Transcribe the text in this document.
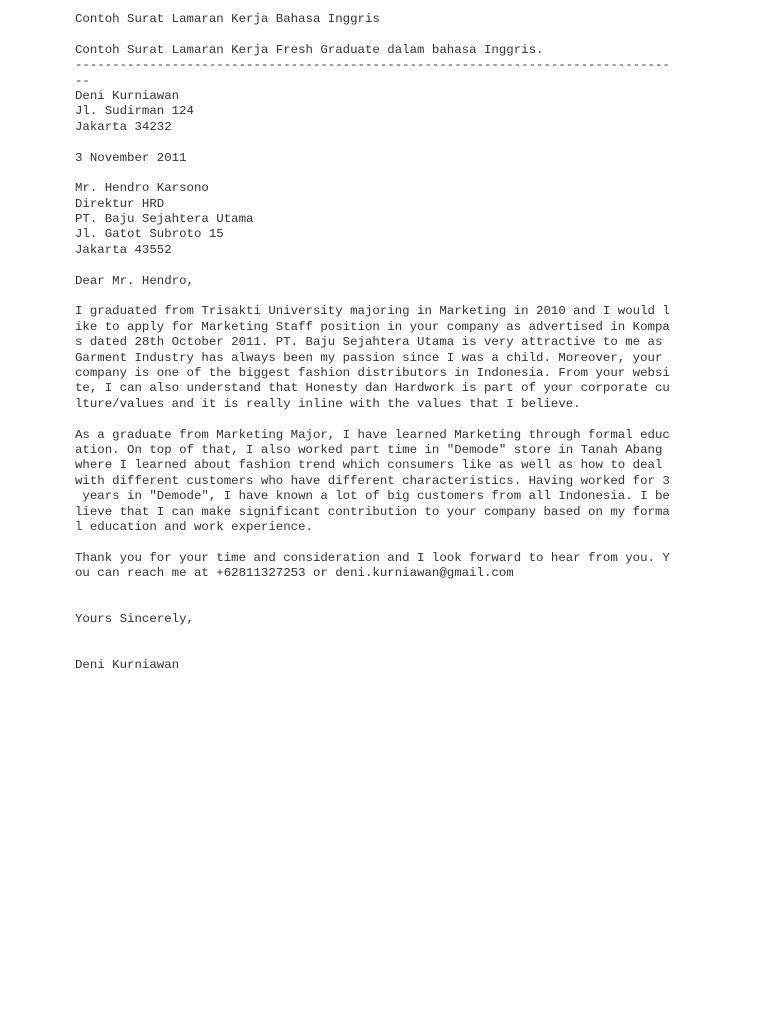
Contoh Surat Lamaran Kerja Bahasa Inggris
Contoh Surat Lamaran Kerja Fresh Graduate dalam bahasa Inggris.
--------------------------------------------------------------------------------
--
Deni Kurniawan
Jl. Sudirman 124
Jakarta 34232
3 November 2011
Mr. Hendro Karsono
Direktur HRD
PT. Baju Sejahtera Utama
Jl. Gatot Subroto 15
Jakarta 43552
Dear Mr. Hendro,
I graduated from Trisakti University majoring in Marketing in 2010 and I would l
ike to apply for Marketing Staff position in your company as advertised in Kompa
s dated 28th October 2011. PT. Baju Sejahtera Utama is very attractive to me as
Garment Industry has always been my passion since I was a child. Moreover, your
company is one of the biggest fashion distributors in Indonesia. From your websi
te, I can also understand that Honesty dan Hardwork is part of your corporate cu
lture/values and it is really inline with the values that I believe.
As a graduate from Marketing Major, I have learned Marketing through formal educ
ation. On top of that, I also worked part time in "Demode" store in Tanah Abang
where I learned about fashion trend which consumers like as well as how to deal
with different customers who have different characteristics. Having worked for 3
years in "Demode", I have known a lot of big customers from all Indonesia. I be
lieve that I can make significant contribution to your company based on my forma
l education and work experience.
Thank you for your time and consideration and I look forward to hear from you. Y
ou can reach me at +62811327253 or deni.kurniawan@gmail.com
Yours Sincerely,
Deni Kurniawan
